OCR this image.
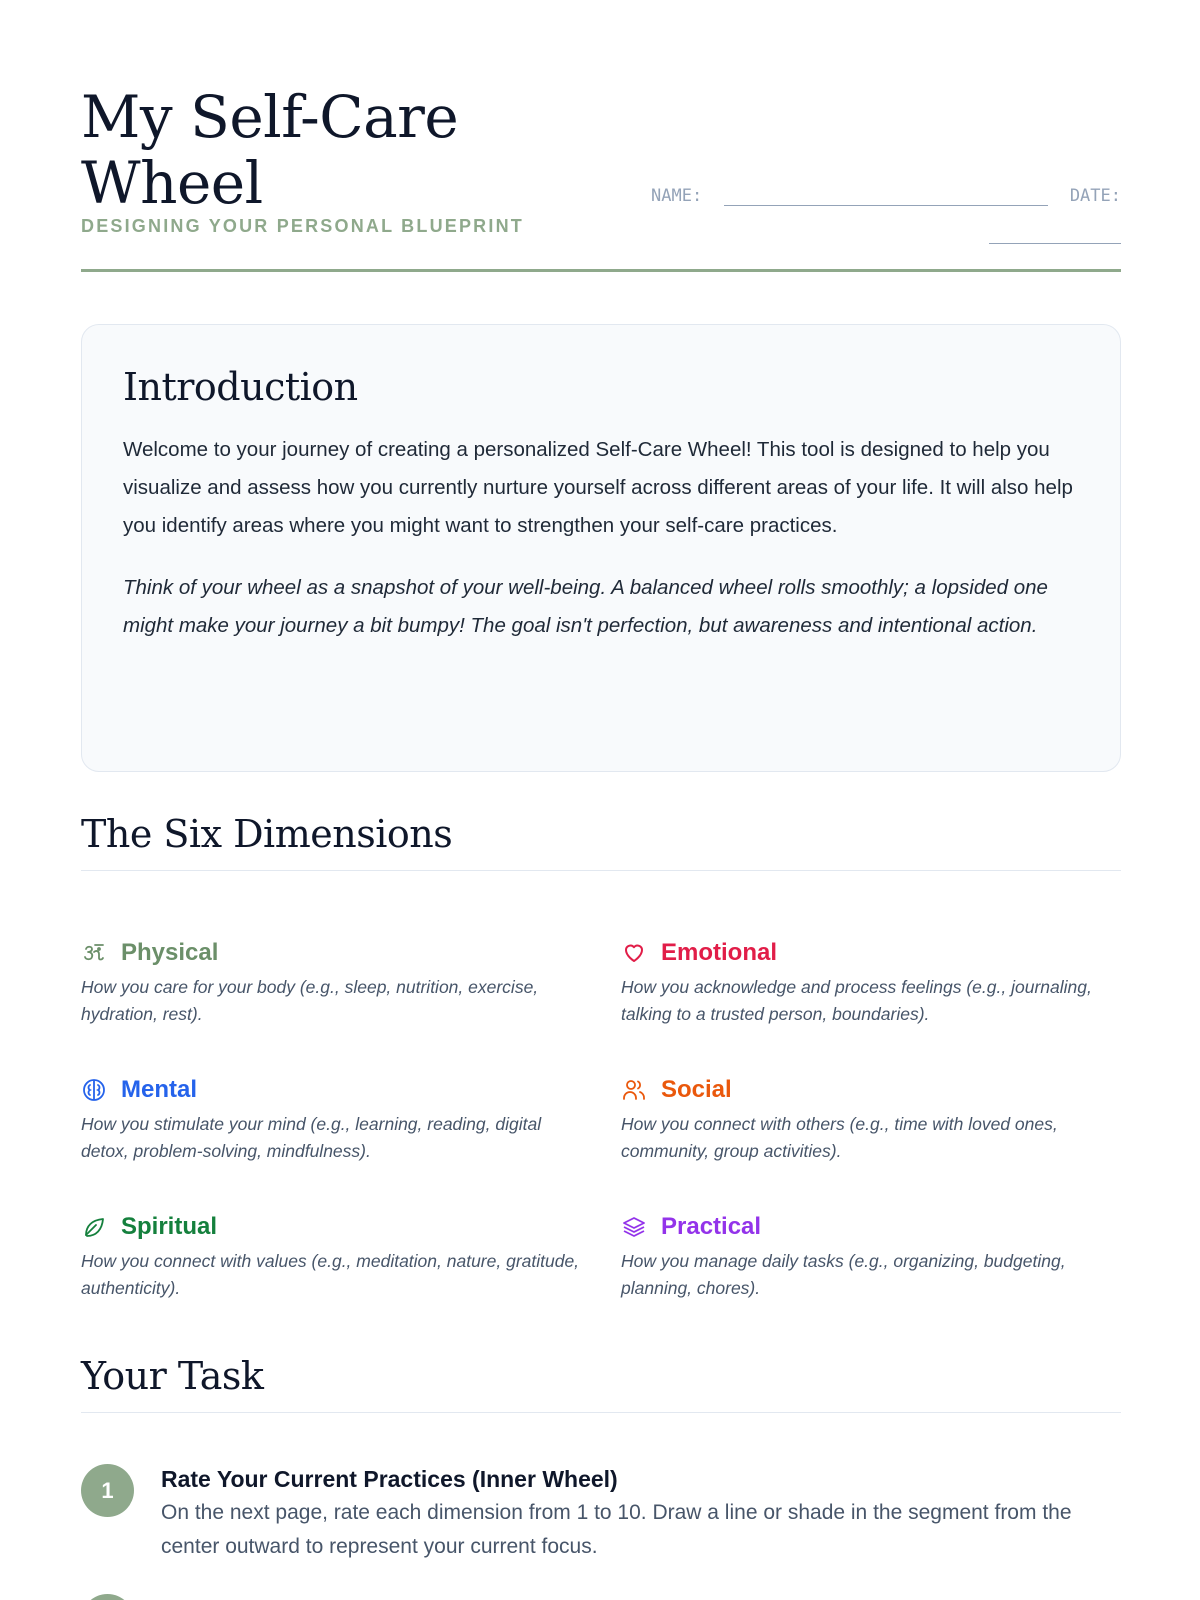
My Self-Care
Wheel
DESIGNING YOUR PERSONAL BLUEPRINT
NAME:	DATE:
Introduction

Welcome to your journey of creating a personalized Self-Care Wheel! This tool is designed to help you visualize and assess how you currently nurture yourself across different areas of your life. It will also help you identify areas where you might want to strengthen your self-care practices.

Think of your wheel as a snapshot of your well-being. A balanced wheel rolls smoothly; a lopsided one might make your journey a bit bumpy! The goal isn't perfection, but awareness and intentional action.

The Six Dimensions
Physical
How you care for your body (e.g., sleep, nutrition, exercise, hydration, rest).
Emotional
How you acknowledge and process feelings (e.g., journaling, talking to a trusted person, boundaries).
Mental
How you stimulate your mind (e.g., learning, reading, digital detox, problem-solving, mindfulness).
Social
How you connect with others (e.g., time with loved ones, community, group activities).
Spiritual
How you connect with values (e.g., meditation, nature, gratitude, authenticity).
Practical
How you manage daily tasks (e.g., organizing, budgeting, planning, chores).
Your Task
1	Rate Your Current Practices (Inner Wheel)
On the next page, rate each dimension from 1 to 10. Draw a line or shade in the segment from the center outward to represent your current focus.
